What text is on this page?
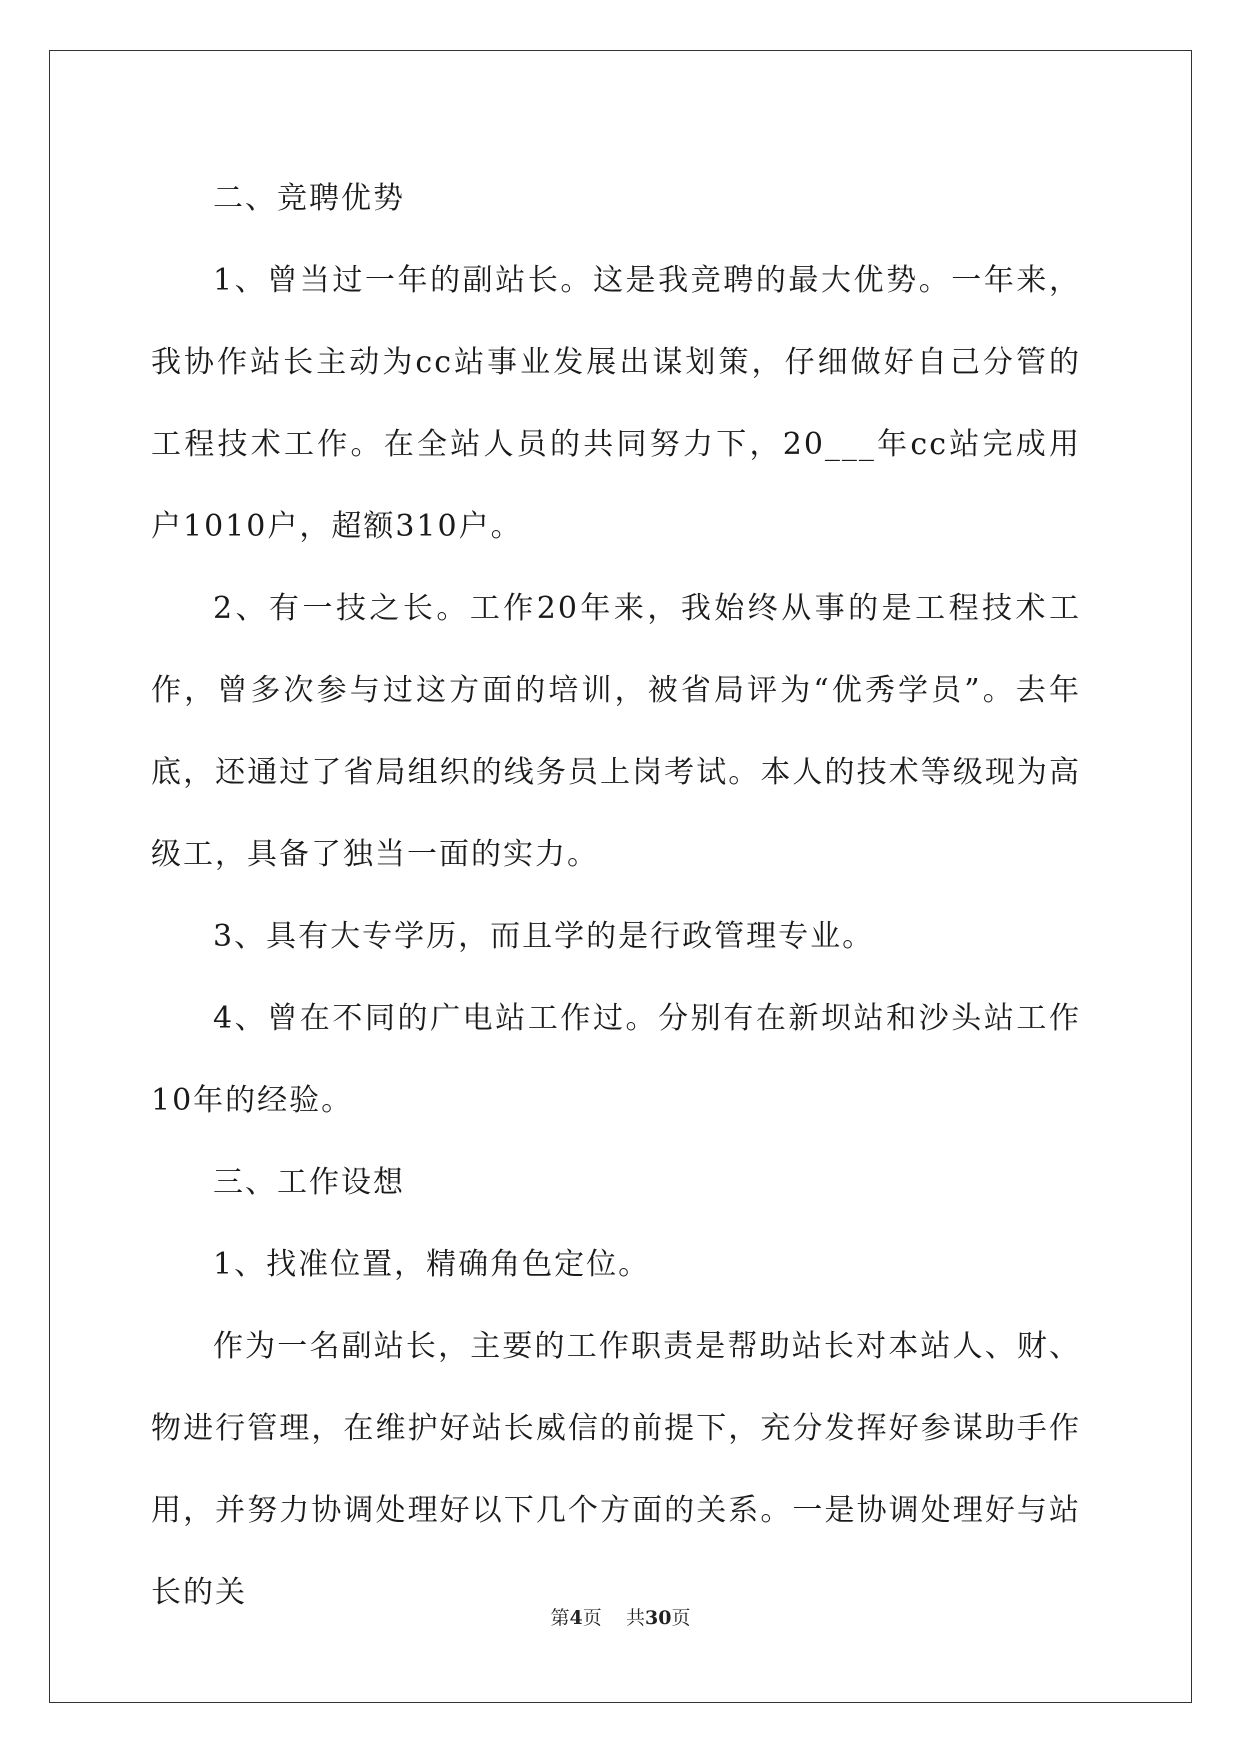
二、竞聘优势

1、曾当过一年的副站长。这是我竞聘的最大优势。一年来，我协作站长主动为cc站事业发展出谋划策，仔细做好自己分管的工程技术工作。在全站人员的共同努力下，20___年cc站完成用户1010户，超额310户。

2、有一技之长。工作20年来，我始终从事的是工程技术工作，曾多次参与过这方面的培训，被省局评为“优秀学员”。去年底，还通过了省局组织的线务员上岗考试。本人的技术等级现为高级工，具备了独当一面的实力。

3、具有大专学历，而且学的是行政管理专业。

4、曾在不同的广电站工作过。分别有在新坝站和沙头站工作10年的经验。

三、工作设想

1、找准位置，精确角色定位。

作为一名副站长，主要的工作职责是帮助站长对本站人、财、物进行管理，在维护好站长威信的前提下，充分发挥好参谋助手作用，并努力协调处理好以下几个方面的关系。一是协调处理好与站长的关

第4页 共30页
